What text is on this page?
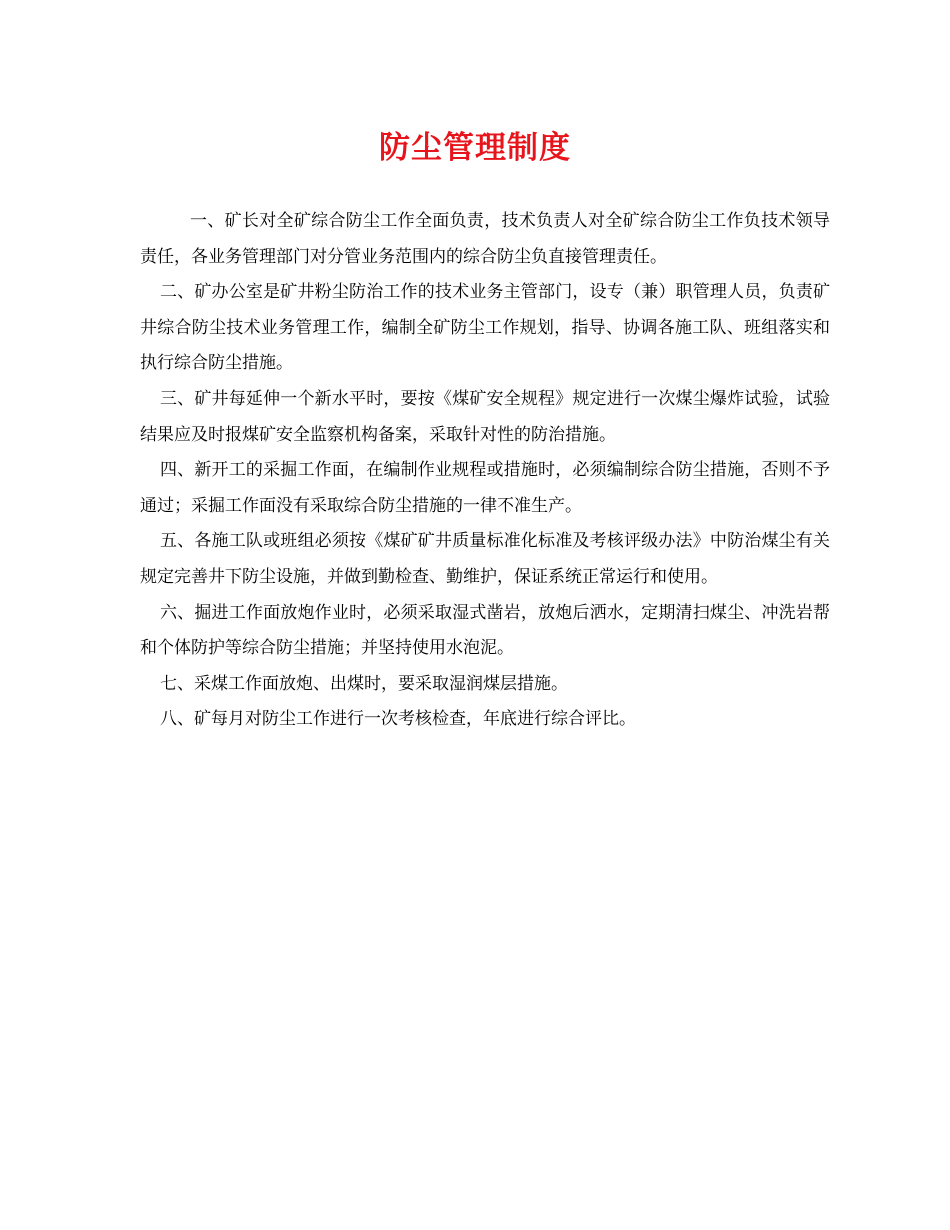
防尘管理制度

一、矿长对全矿综合防尘工作全面负责，技术负责人对全矿综合防尘工作负技术领导责任，各业务管理部门对分管业务范围内的综合防尘负直接管理责任。

二、矿办公室是矿井粉尘防治工作的技术业务主管部门，设专（兼）职管理人员，负责矿井综合防尘技术业务管理工作，编制全矿防尘工作规划，指导、协调各施工队、班组落实和执行综合防尘措施。

三、矿井每延伸一个新水平时，要按《煤矿安全规程》规定进行一次煤尘爆炸试验，试验结果应及时报煤矿安全监察机构备案，采取针对性的防治措施。

四、新开工的采掘工作面，在编制作业规程或措施时，必须编制综合防尘措施，否则不予通过；采掘工作面没有采取综合防尘措施的一律不准生产。

五、各施工队或班组必须按《煤矿矿井质量标准化标准及考核评级办法》中防治煤尘有关规定完善井下防尘设施，并做到勤检查、勤维护，保证系统正常运行和使用。

六、掘进工作面放炮作业时，必须采取湿式凿岩，放炮后洒水，定期清扫煤尘、冲洗岩帮和个体防护等综合防尘措施；并坚持使用水泡泥。

七、采煤工作面放炮、出煤时，要采取湿润煤层措施。

八、矿每月对防尘工作进行一次考核检查，年底进行综合评比。
